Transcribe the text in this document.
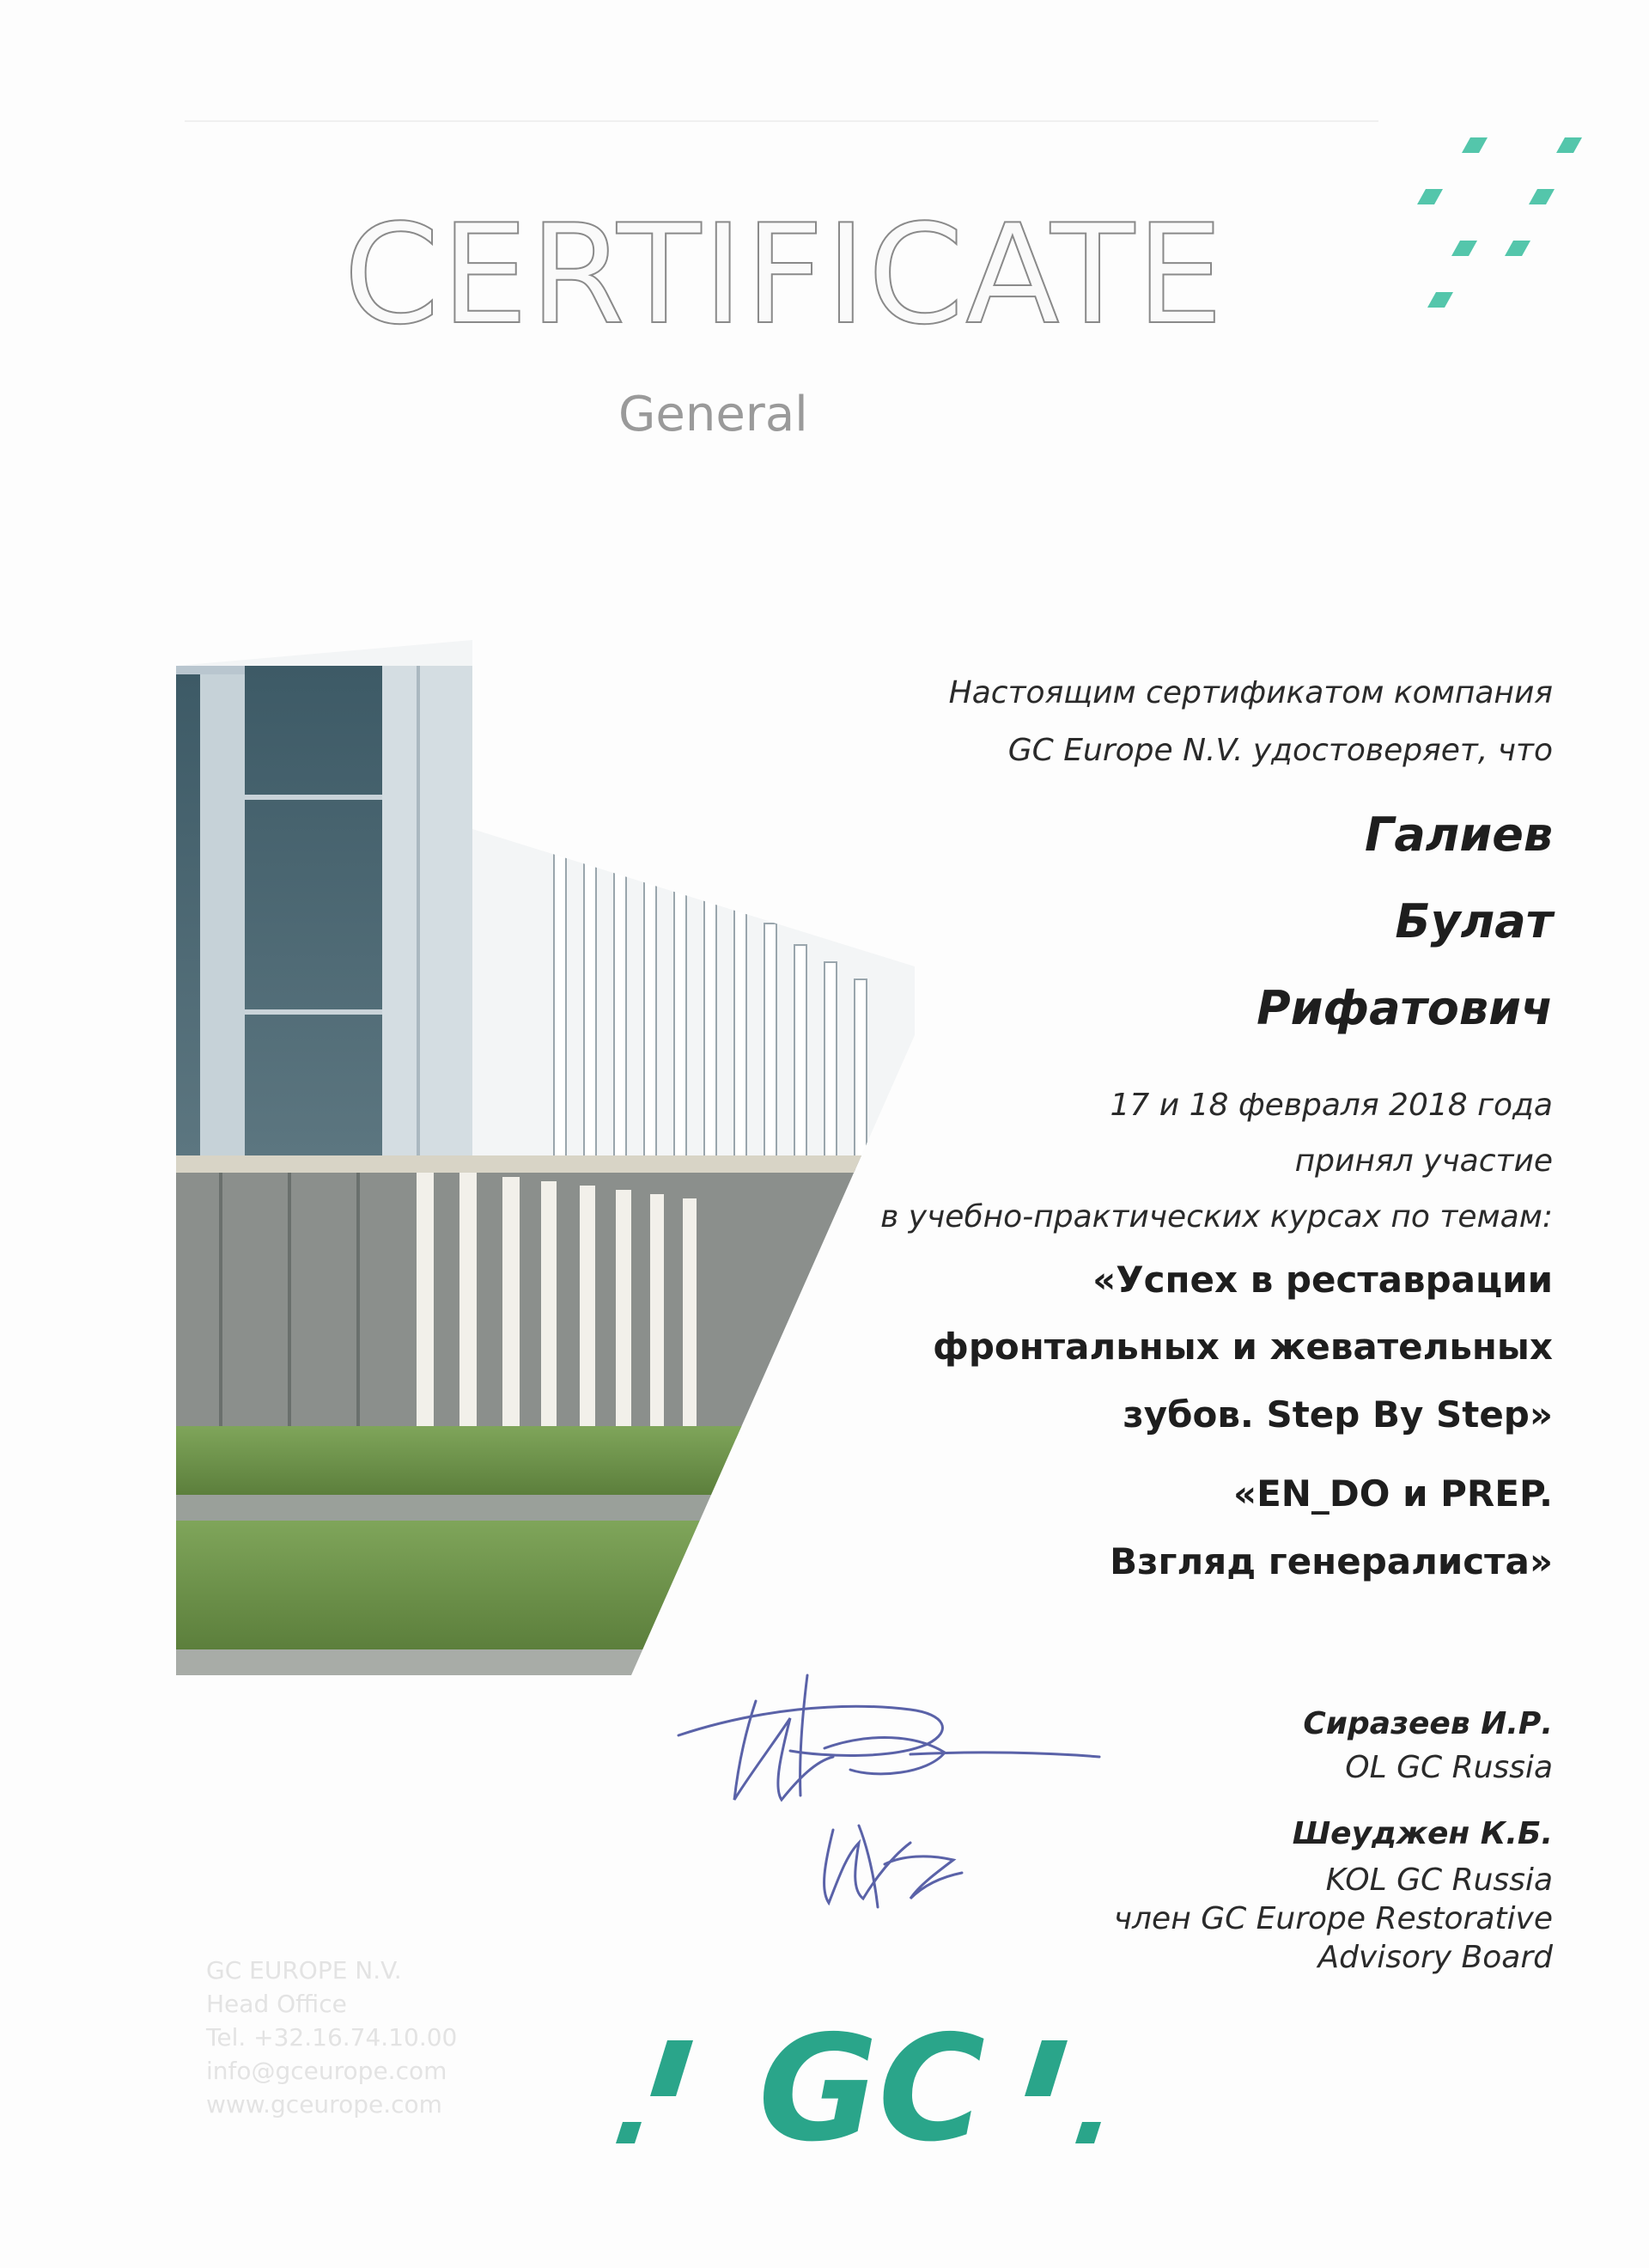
CERTIFICATE
General
Настоящим сертификатом компания
GC Europe N.V. удостоверяет, что
Галиев
Булат
Рифатович
17 и 18 февраля 2018 года
принял участие
в учебно-практических курсах по темам:
«Успех в реставрации
фронтальных и жевательных
зубов. Step By Step»
«EN_DO и PREP.
Взгляд генералиста»
Сиразеев И.Р.
OL GC Russia
Шеуджен К.Б.
KOL GC Russia
член GC Europe Restorative
Advisory Board
GC EUROPE N.V.
Head Office
Tel. +32.16.74.10.00
info@gceurope.com
www.gceurope.com GC
